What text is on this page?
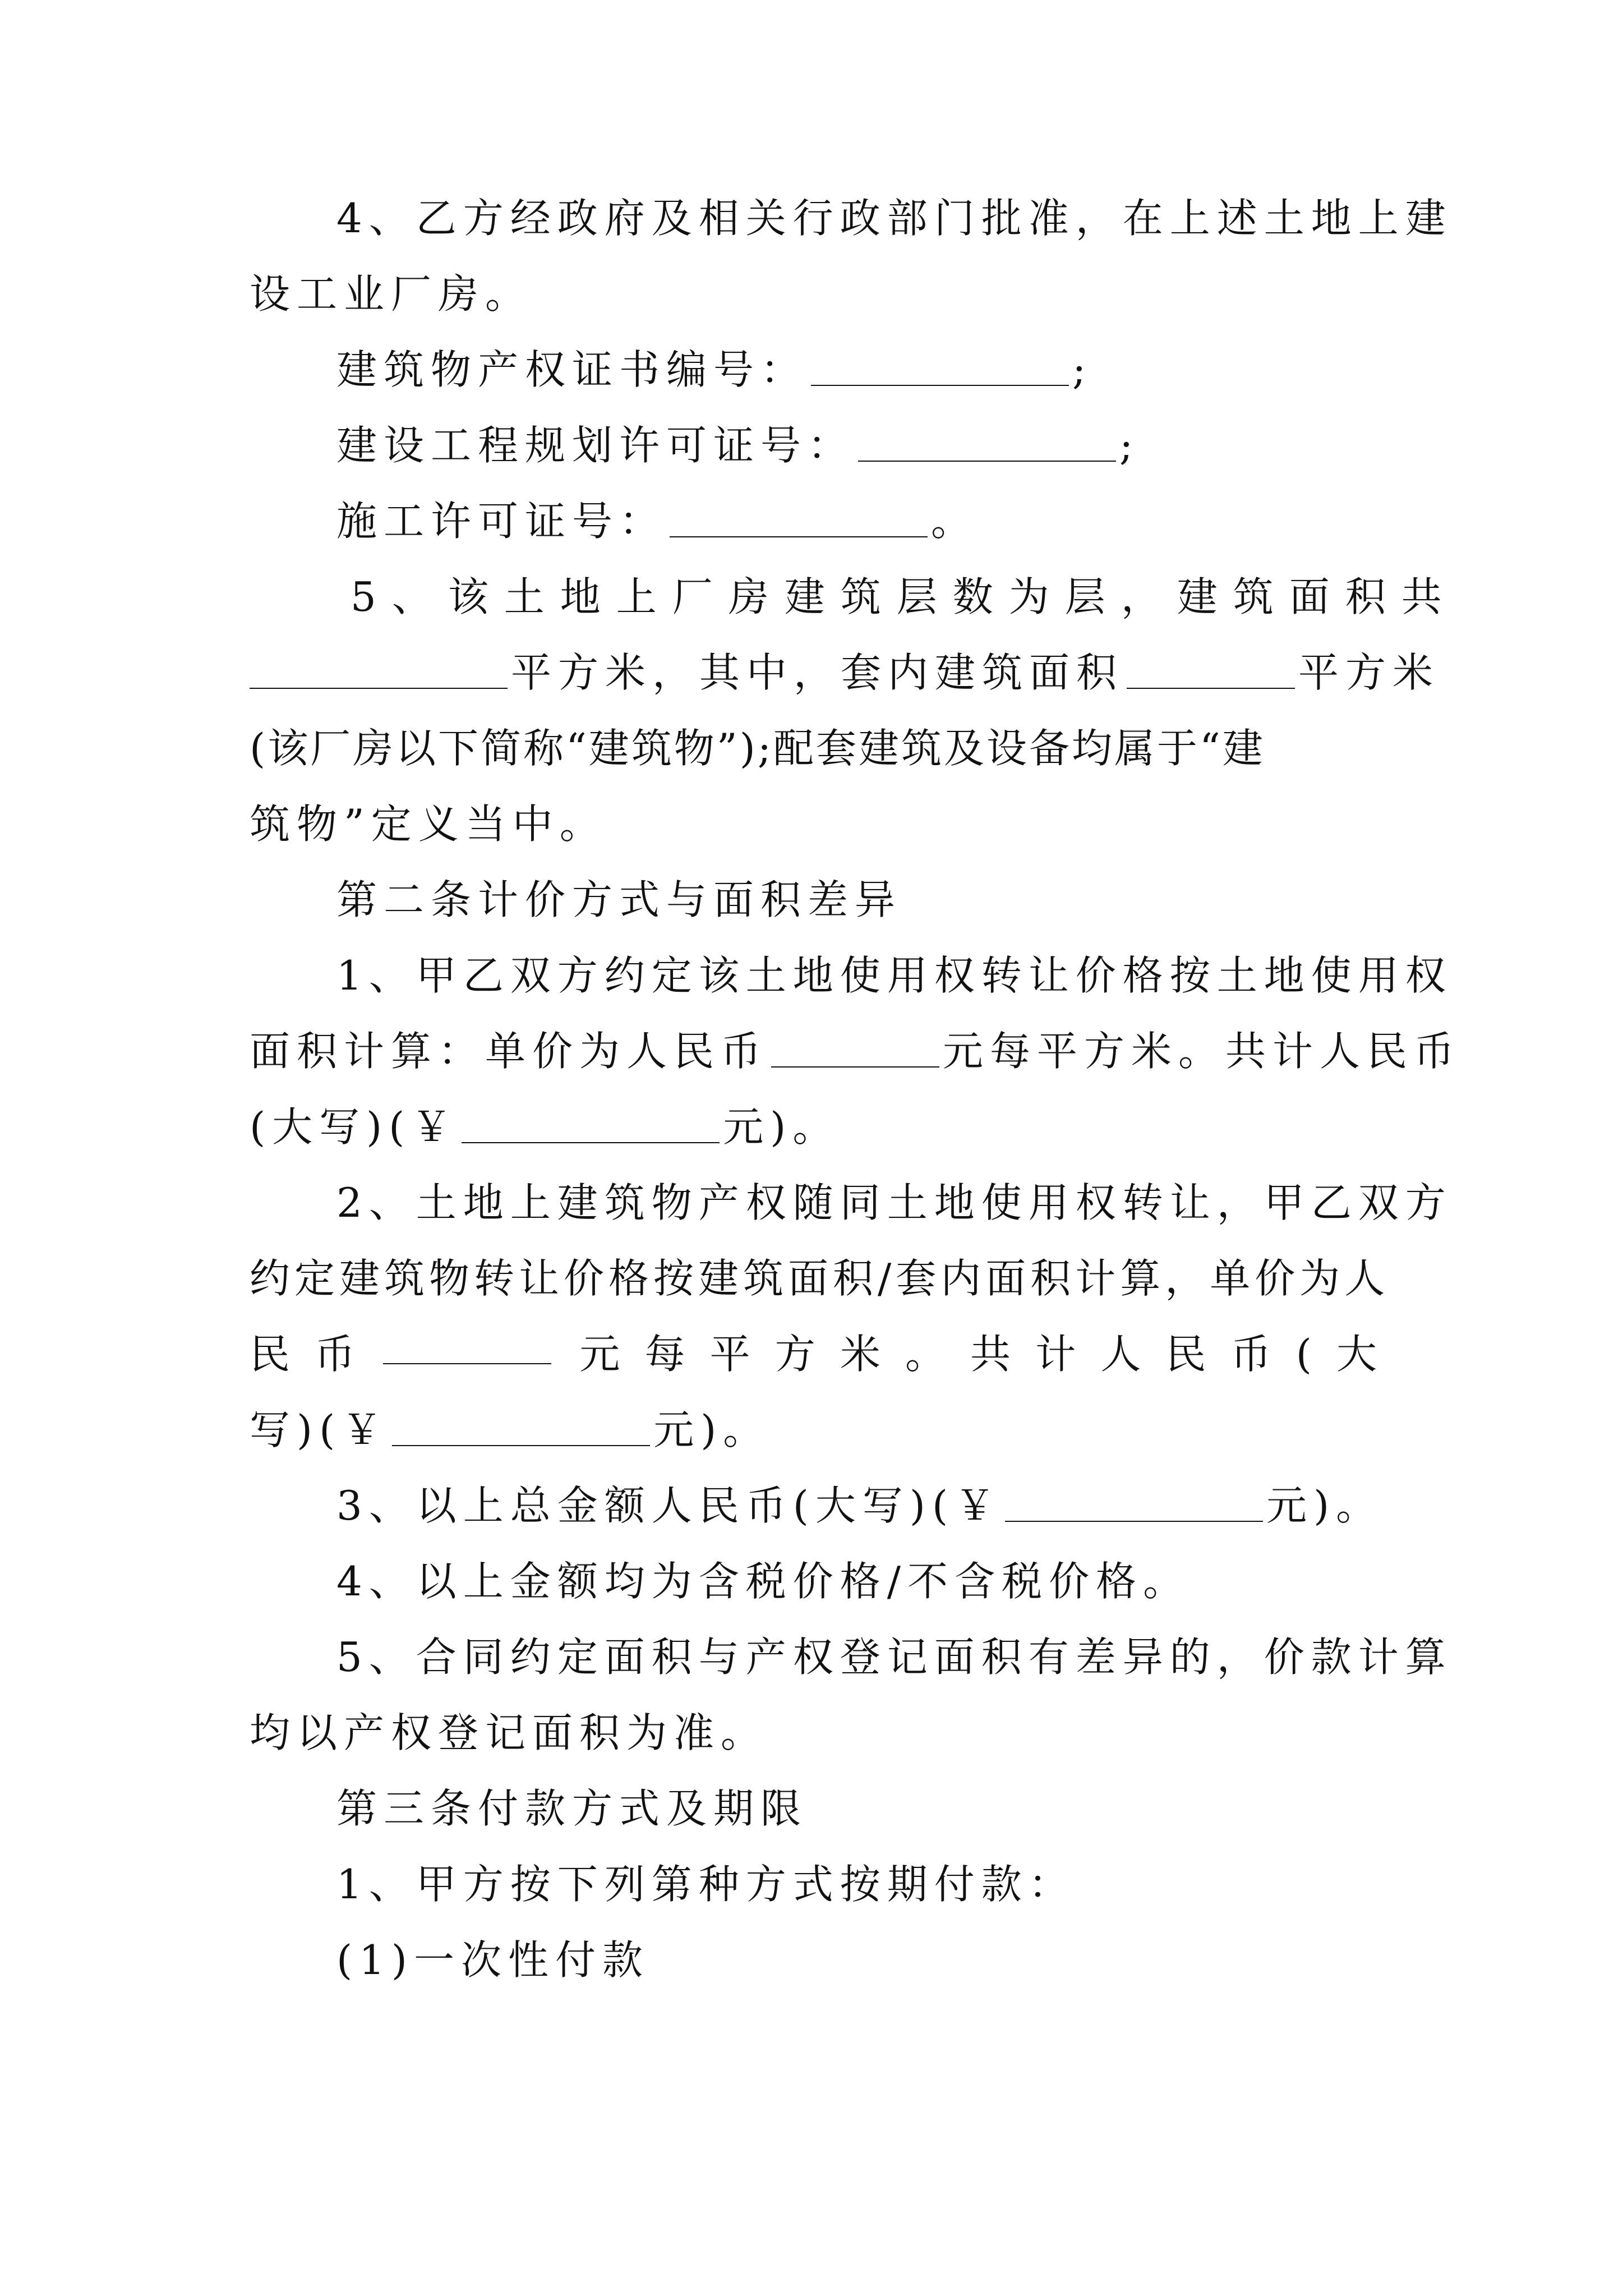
4、乙方经政府及相关行政部门批准，在上述土地上建
设工业厂房。
建筑物产权证书编号：	;
建设工程规划许可证号：	;
施工许可证号：	。
5、该土地上厂房建筑层数为层，建筑面积共
平方米，其中，套内建筑面积	平方米
(该厂房以下简称“建筑物”);配套建筑及设备均属于“建
筑物”定义当中。
第二条计价方式与面积差异
1、甲乙双方约定该土地使用权转让价格按土地使用权
面积计算：单价为人民币	元每平方米。共计人民币
(大写)(￥	元)。
2、土地上建筑物产权随同土地使用权转让，甲乙双方
约定建筑物转让价格按建筑面积/套内面积计算，单价为人
民 币	元 每 平 方 米 。 共 计 人 民 币 ( 大
写)(￥	元)。
3、以上总金额人民币(大写)(￥	元)。
4、以上金额均为含税价格/不含税价格。
5、合同约定面积与产权登记面积有差异的，价款计算
均以产权登记面积为准。
第三条付款方式及期限
1、甲方按下列第种方式按期付款：
(1)一次性付款
